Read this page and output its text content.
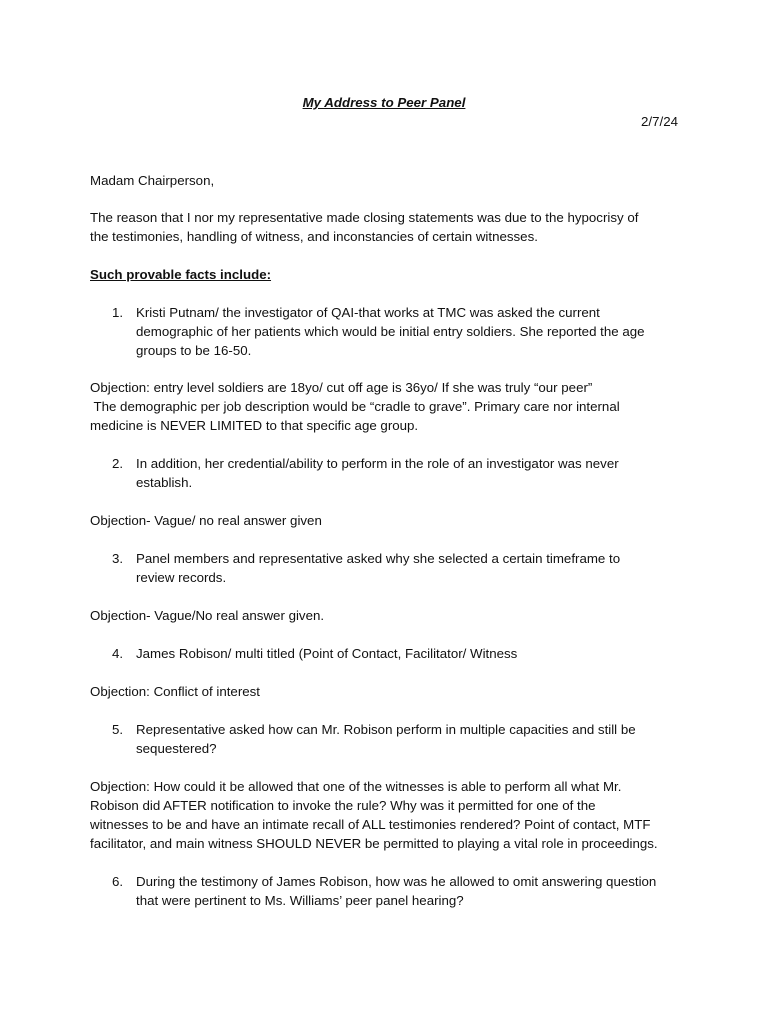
My Address to Peer Panel
2/7/24
Madam Chairperson,
The reason that I nor my representative made closing statements was due to the hypocrisy of
the testimonies, handling of witness, and inconstancies of certain witnesses.
Such provable facts include:
1. Kristi Putnam/ the investigator of QAI-that works at TMC was asked the current
demographic of her patients which would be initial entry soldiers. She reported the age
groups to be 16-50.
Objection: entry level soldiers are 18yo/ cut off age is 36yo/ If she was truly “our peer”
The demographic per job description would be “cradle to grave”. Primary care nor internal
medicine is NEVER LIMITED to that specific age group.
2. In addition, her credential/ability to perform in the role of an investigator was never
establish.
Objection- Vague/ no real answer given
3. Panel members and representative asked why she selected a certain timeframe to
review records.
Objection- Vague/No real answer given.
4. James Robison/ multi titled (Point of Contact, Facilitator/ Witness
Objection: Conflict of interest
5. Representative asked how can Mr. Robison perform in multiple capacities and still be
sequestered?
Objection: How could it be allowed that one of the witnesses is able to perform all what Mr.
Robison did AFTER notification to invoke the rule? Why was it permitted for one of the
witnesses to be and have an intimate recall of ALL testimonies rendered? Point of contact, MTF
facilitator, and main witness SHOULD NEVER be permitted to playing a vital role in proceedings.
6. During the testimony of James Robison, how was he allowed to omit answering question
that were pertinent to Ms. Williams’ peer panel hearing?
